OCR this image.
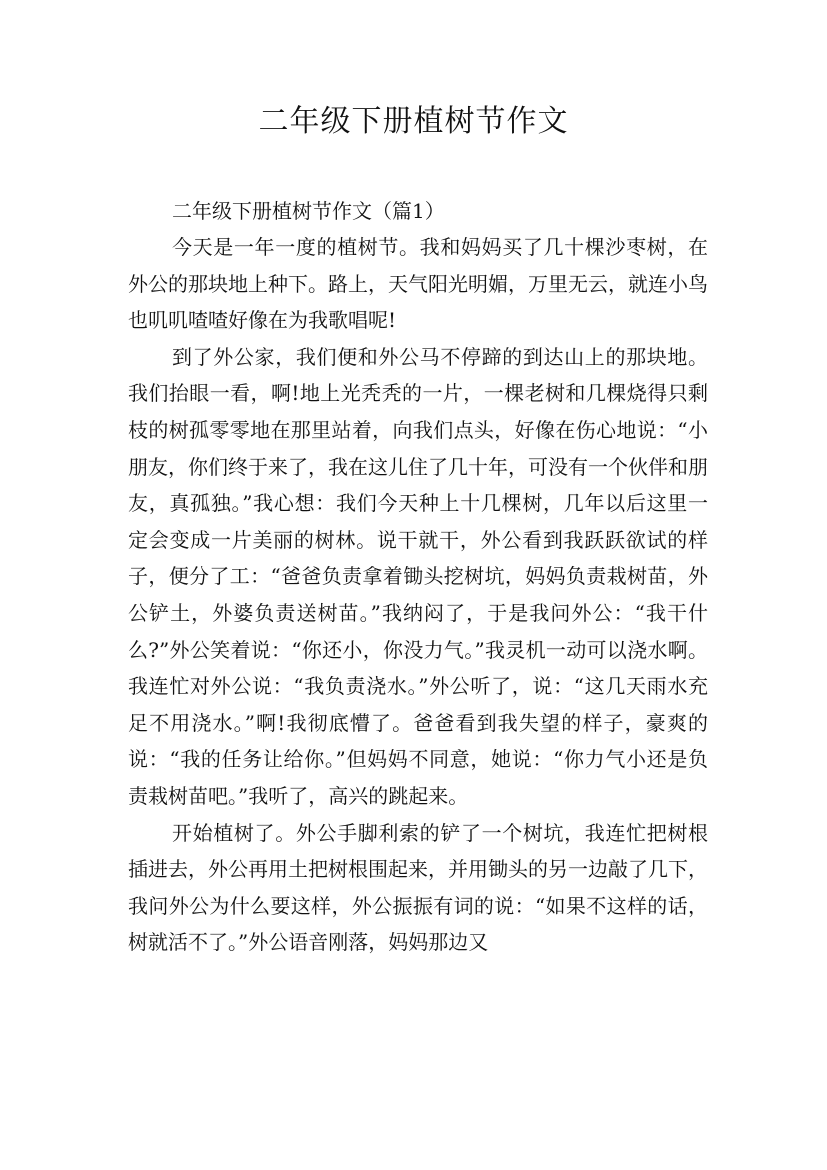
二年级下册植树节作文

二年级下册植树节作文（篇1）

今天是一年一度的植树节。我和妈妈买了几十棵沙枣树，在外公的那块地上种下。路上，天气阳光明媚，万里无云，就连小鸟也叽叽喳喳好像在为我歌唱呢!

到了外公家，我们便和外公马不停蹄的到达山上的那块地。我们抬眼一看，啊!地上光秃秃的一片，一棵老树和几棵烧得只剩枝的树孤零零地在那里站着，向我们点头，好像在伤心地说：“小朋友，你们终于来了，我在这儿住了几十年，可没有一个伙伴和朋友，真孤独。”我心想：我们今天种上十几棵树，几年以后这里一定会变成一片美丽的树林。说干就干，外公看到我跃跃欲试的样子，便分了工：“爸爸负责拿着锄头挖树坑，妈妈负责栽树苗，外公铲土，外婆负责送树苗。”我纳闷了，于是我问外公：“我干什么?”外公笑着说：“你还小，你没力气。”我灵机一动可以浇水啊。我连忙对外公说：“我负责浇水。”外公听了，说：“这几天雨水充足不用浇水。”啊!我彻底懵了。爸爸看到我失望的样子，豪爽的说：“我的任务让给你。”但妈妈不同意，她说：“你力气小还是负责栽树苗吧。”我听了，高兴的跳起来。

开始植树了。外公手脚利索的铲了一个树坑，我连忙把树根插进去，外公再用土把树根围起来，并用锄头的另一边敲了几下，我问外公为什么要这样，外公振振有词的说：“如果不这样的话，树就活不了。”外公语音刚落，妈妈那边又
